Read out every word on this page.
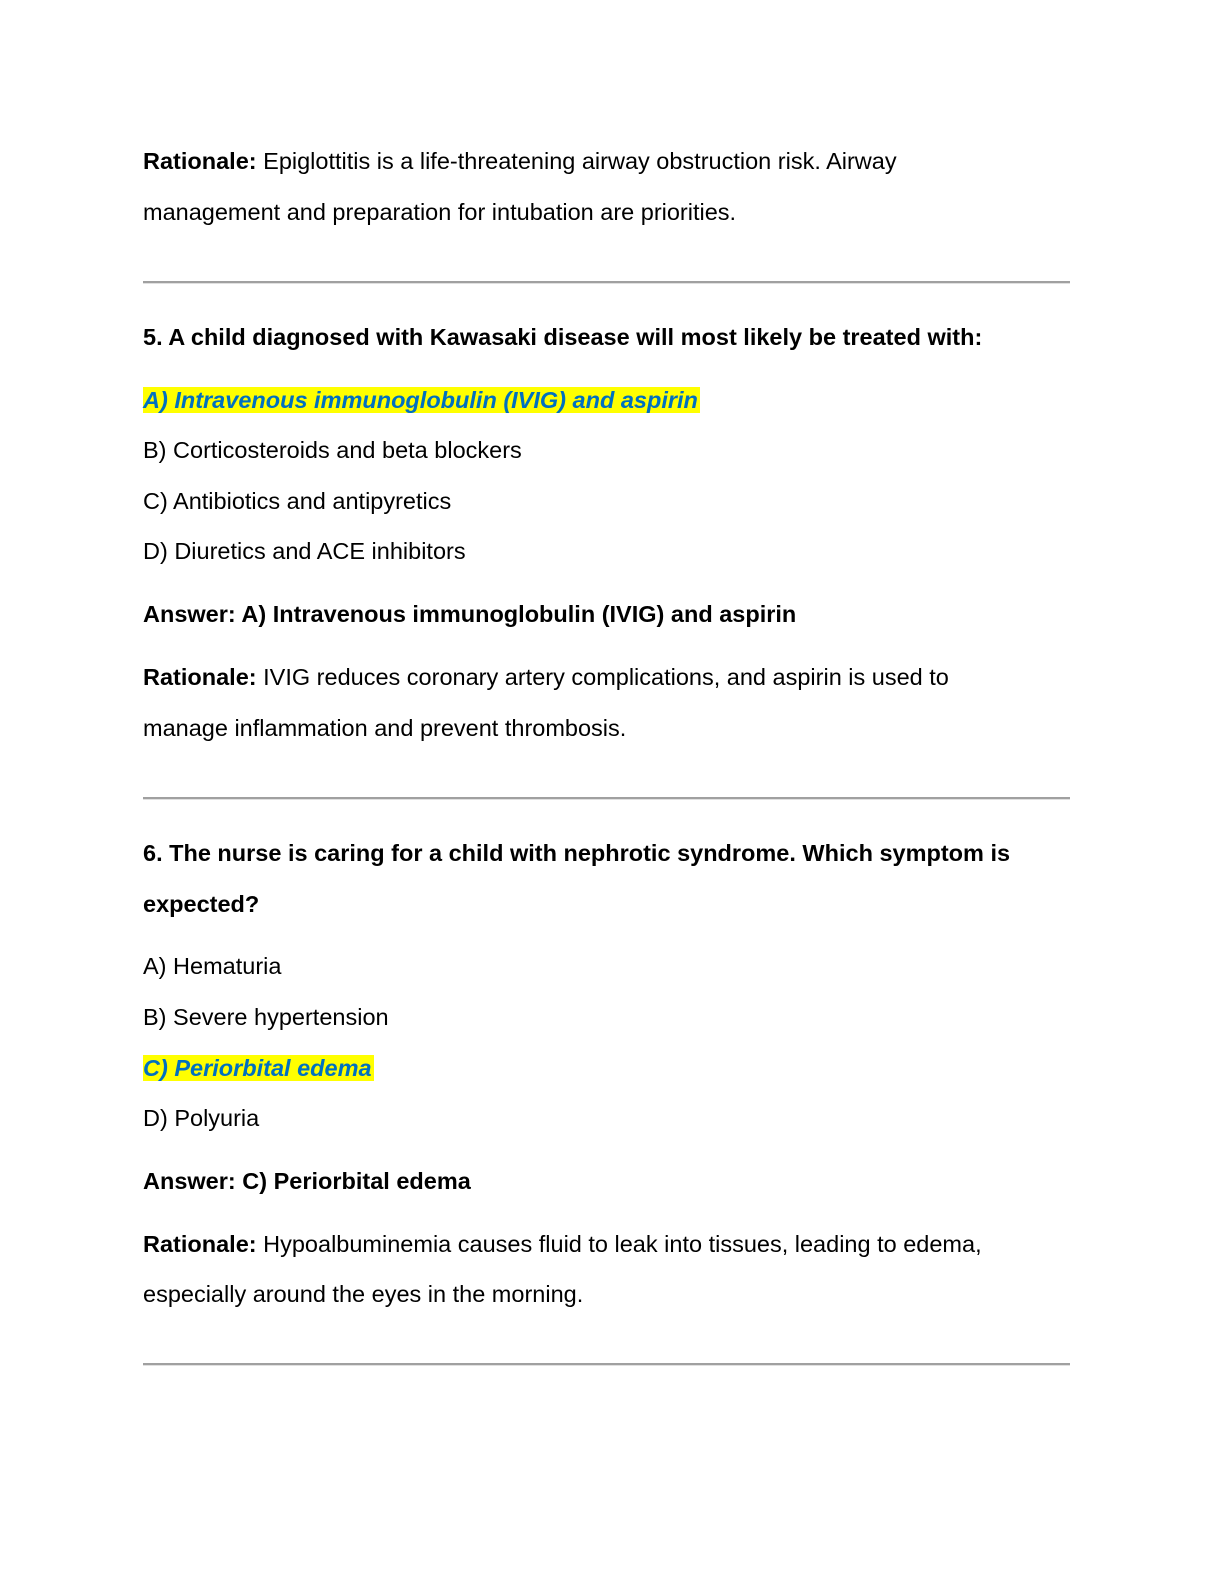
Rationale: Epiglottitis is a life-threatening airway obstruction risk. Airway
management and preparation for intubation are priorities.
5. A child diagnosed with Kawasaki disease will most likely be treated with:
A) Intravenous immunoglobulin (IVIG) and aspirin
B) Corticosteroids and beta blockers
C) Antibiotics and antipyretics
D) Diuretics and ACE inhibitors
Answer: A) Intravenous immunoglobulin (IVIG) and aspirin
Rationale: IVIG reduces coronary artery complications, and aspirin is used to
manage inflammation and prevent thrombosis.
6. The nurse is caring for a child with nephrotic syndrome. Which symptom is
expected?
A) Hematuria
B) Severe hypertension
C) Periorbital edema
D) Polyuria
Answer: C) Periorbital edema
Rationale: Hypoalbuminemia causes fluid to leak into tissues, leading to edema,
especially around the eyes in the morning.
